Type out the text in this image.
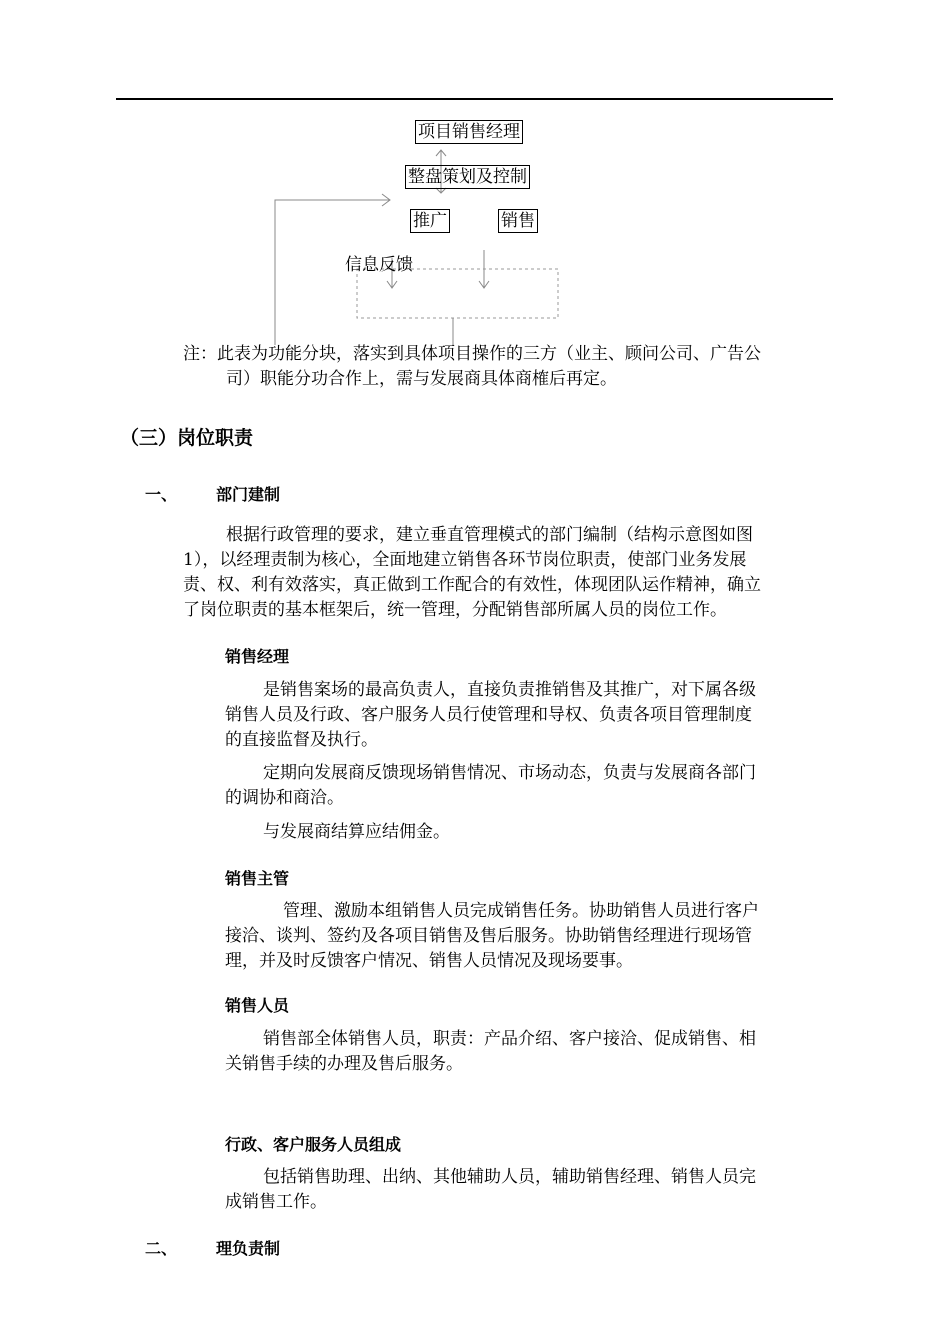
项目销售经理
整盘策划及控制
推广	销售
信息反馈
注：此表为功能分块，落实到具体项目操作的三方（业主、顾问公司、广告公
司）职能分功合作上，需与发展商具体商榷后再定。
（三）岗位职责
一、 部门建制
根据行政管理的要求，建立垂直管理模式的部门编制（结构示意图如图
1），以经理责制为核心，全面地建立销售各环节岗位职责，使部门业务发展
责、权、利有效落实，真正做到工作配合的有效性，体现团队运作精神，确立
了岗位职责的基本框架后，统一管理，分配销售部所属人员的岗位工作。
销售经理
是销售案场的最高负责人，直接负责推销售及其推广，对下属各级
销售人员及行政、客户服务人员行使管理和导权、负责各项目管理制度
的直接监督及执行。
定期向发展商反馈现场销售情况、市场动态，负责与发展商各部门
的调协和商洽。
与发展商结算应结佣金。
销售主管
管理、激励本组销售人员完成销售任务。协助销售人员进行客户
接洽、谈判、签约及各项目销售及售后服务。协助销售经理进行现场管
理，并及时反馈客户情况、销售人员情况及现场要事。
销售人员
销售部全体销售人员，职责：产品介绍、客户接洽、促成销售、相
关销售手续的办理及售后服务。
行政、客户服务人员组成
包括销售助理、出纳、其他辅助人员，辅助销售经理、销售人员完
成销售工作。
二、 理负责制
